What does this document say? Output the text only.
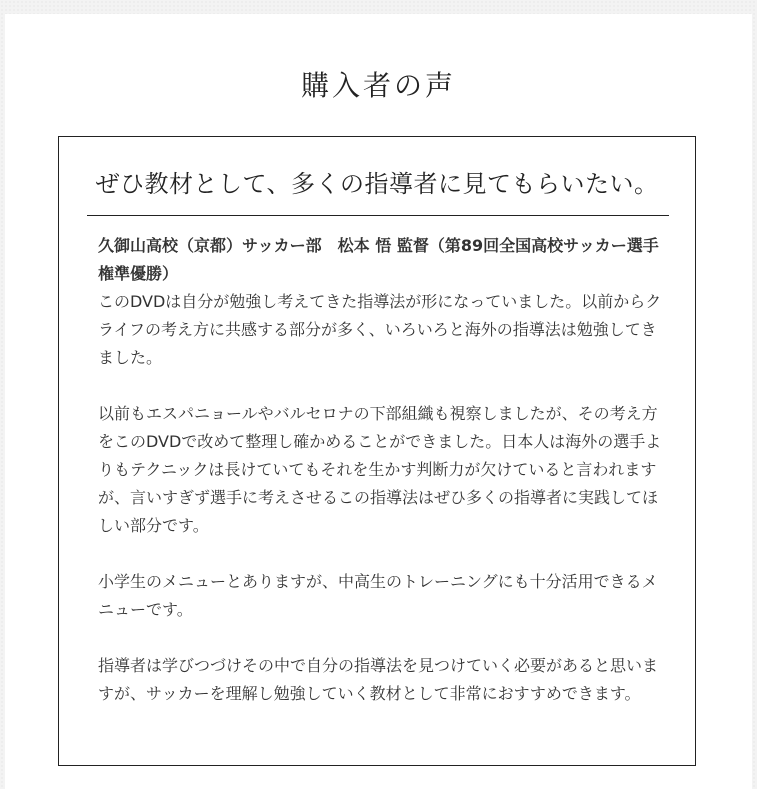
購入者の声
ぜひ教材として、多くの指導者に見てもらいたい。
久御山高校（京都）サッカー部　松本 悟 監督（第89回全国高校サッカー選手権準優勝）

このDVDは自分が勉強し考えてきた指導法が形になっていました。以前からクライフの考え方に共感する部分が多く、いろいろと海外の指導法は勉強してきました。

以前もエスパニョールやバルセロナの下部組織も視察しましたが、その考え方をこのDVDで改めて整理し確かめることができました。日本人は海外の選手よりもテクニックは長けていてもそれを生かす判断力が欠けていると言われますが、言いすぎず選手に考えさせるこの指導法はぜひ多くの指導者に実践してほしい部分です。

小学生のメニューとありますが、中高生のトレーニングにも十分活用できるメニューです。

指導者は学びつづけその中で自分の指導法を見つけていく必要があると思いますが、サッカーを理解し勉強していく教材として非常におすすめできます。
